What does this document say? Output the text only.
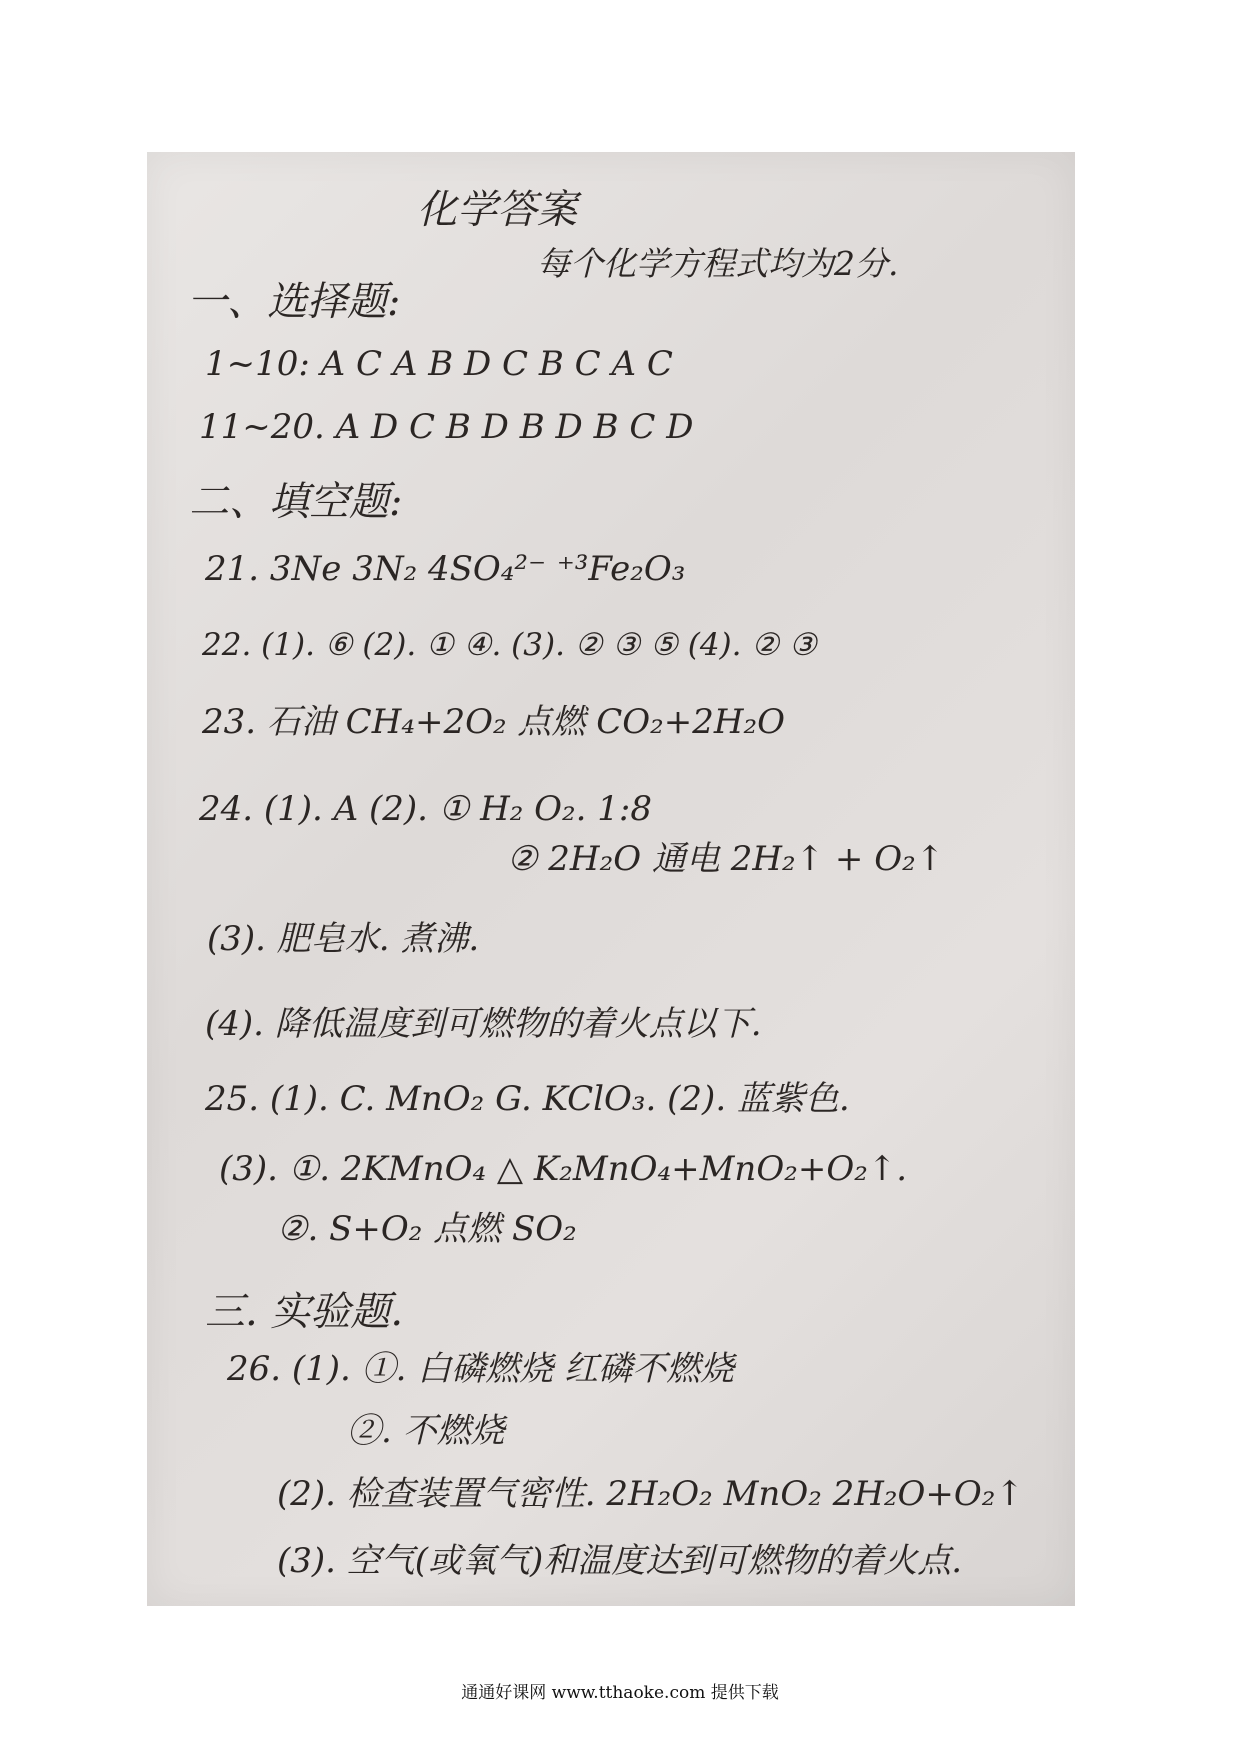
化学答案
每个化学方程式均为2分.
一、选择题:
1~10: A C A B D C B C A C
11~20. A D C B D B D B C D
二、填空题:
21. 3Ne 3N₂ 4SO₄²⁻ ⁺³Fe₂O₃
22. (1). ⑥ (2). ① ④. (3). ② ③ ⑤ (4). ② ③
23. 石油 CH₄+2O₂ 点燃 CO₂+2H₂O
24. (1). A (2). ① H₂ O₂. 1:8
② 2H₂O 通电 2H₂↑ + O₂↑
(3). 肥皂水. 煮沸.
(4). 降低温度到可燃物的着火点以下.
25. (1). C. MnO₂ G. KClO₃. (2). 蓝紫色.
(3). ①. 2KMnO₄ △ K₂MnO₄+MnO₂+O₂↑.
②. S+O₂ 点燃 SO₂
三. 实验题.
26. (1). ①. 白磷燃烧 红磷不燃烧
②. 不燃烧
(2). 检查装置气密性. 2H₂O₂ MnO₂ 2H₂O+O₂↑
(3). 空气(或氧气)和温度达到可燃物的着火点.
通通好课网 www.tthaoke.com 提供下载
